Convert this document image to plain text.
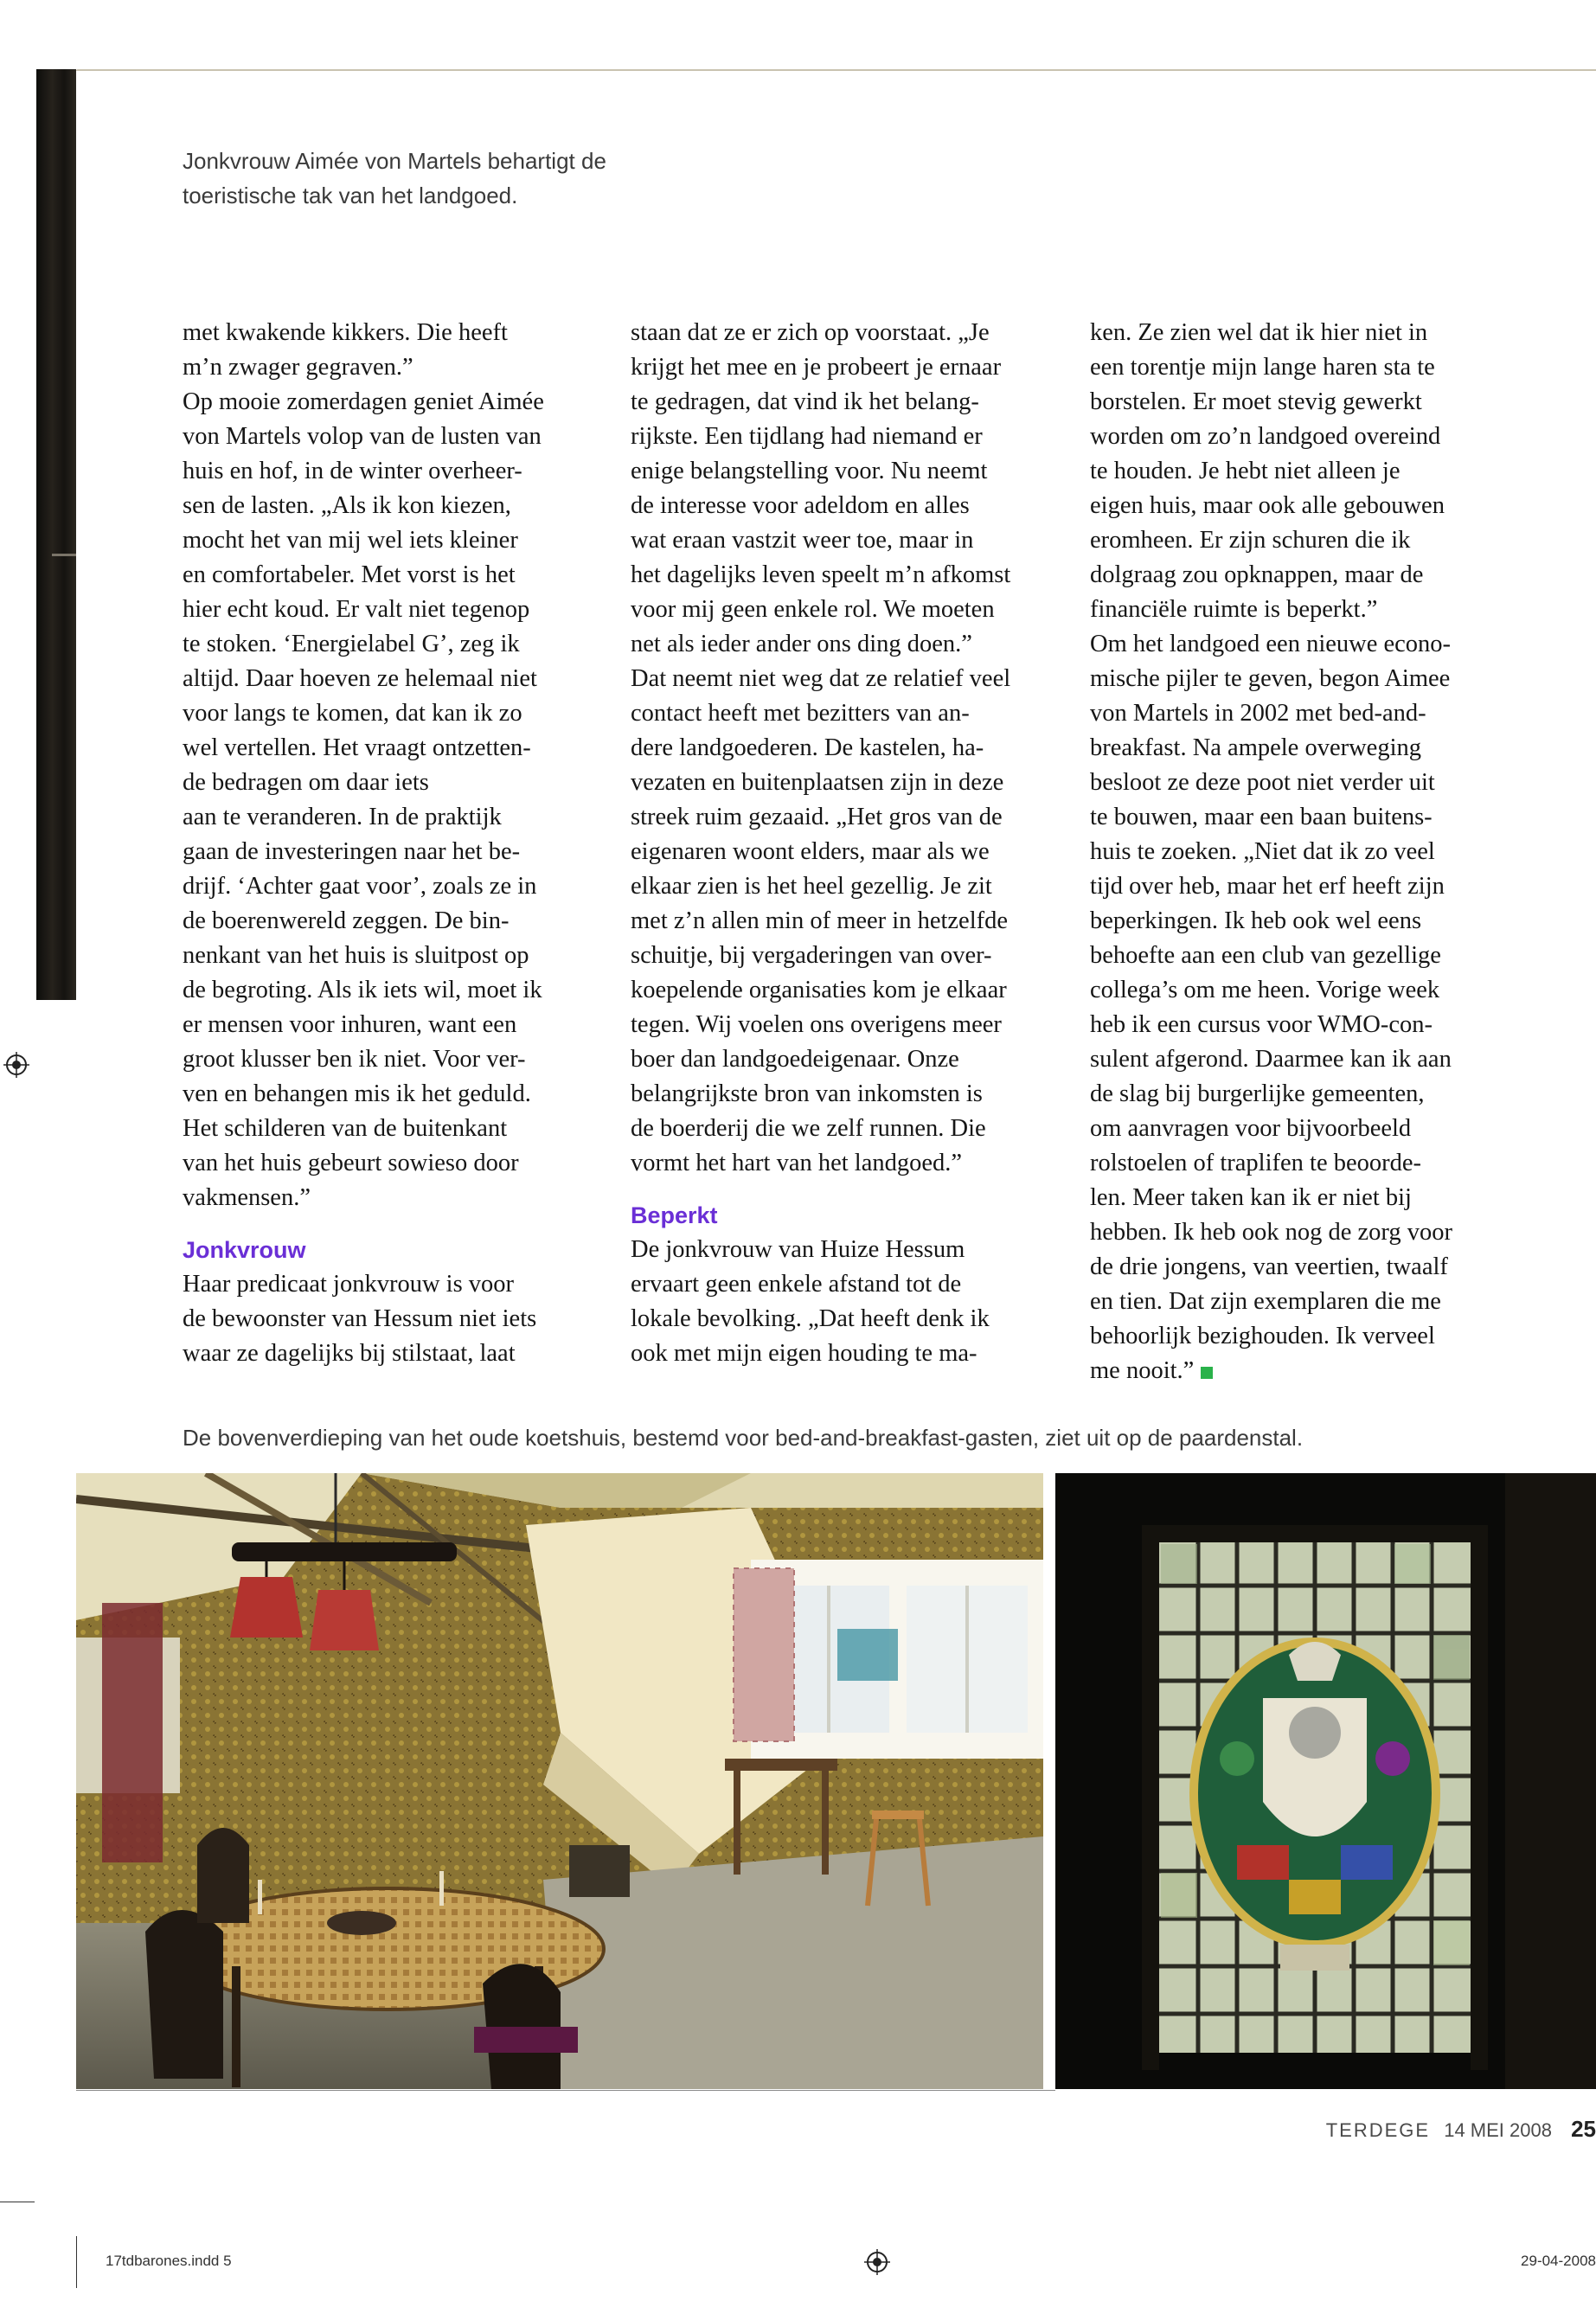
Jonkvrouw Aimée von Martels behartigt de toeristische tak van het landgoed.

met kwakende kikkers. Die heeft
m’n zwager gegraven.”
Op mooie zomerdagen geniet Aimée
von Martels volop van de lusten van
huis en hof, in de winter overheer-
sen de lasten. „Als ik kon kiezen,
mocht het van mij wel iets kleiner
en comfortabeler. Met vorst is het
hier echt koud. Er valt niet tegenop
te stoken. ‘Energielabel G’, zeg ik
altijd. Daar hoeven ze helemaal niet
voor langs te komen, dat kan ik zo
wel vertellen. Het vraagt ontzetten-
de bedragen om daar iets
aan te veranderen. In de praktijk
gaan de investeringen naar het be-
drijf. ‘Achter gaat voor’, zoals ze in
de boerenwereld zeggen. De bin-
nenkant van het huis is sluitpost op
de begroting. Als ik iets wil, moet ik
er mensen voor inhuren, want een
groot klusser ben ik niet. Voor ver-
ven en behangen mis ik het geduld.
Het schilderen van de buitenkant
van het huis gebeurt sowieso door
vakmensen.”

Jonkvrouw

Haar predicaat jonkvrouw is voor
de bewoonster van Hessum niet iets
waar ze dagelijks bij stilstaat, laat

staan dat ze er zich op voorstaat. „Je
krijgt het mee en je probeert je ernaar
te gedragen, dat vind ik het belang-
rijkste. Een tijdlang had niemand er
enige belangstelling voor. Nu neemt
de interesse voor adeldom en alles
wat eraan vastzit weer toe, maar in
het dagelijks leven speelt m’n afkomst
voor mij geen enkele rol. We moeten
net als ieder ander ons ding doen.”
Dat neemt niet weg dat ze relatief veel
contact heeft met bezitters van an-
dere landgoederen. De kastelen, ha-
vezaten en buitenplaatsen zijn in deze
streek ruim gezaaid. „Het gros van de
eigenaren woont elders, maar als we
elkaar zien is het heel gezellig. Je zit
met z’n allen min of meer in hetzelfde
schuitje, bij vergaderingen van over-
koepelende organisaties kom je elkaar
tegen. Wij voelen ons overigens meer
boer dan landgoedeigenaar. Onze
belangrijkste bron van inkomsten is
de boerderij die we zelf runnen. Die
vormt het hart van het landgoed.”

Beperkt

De jonkvrouw van Huize Hessum
ervaart geen enkele afstand tot de
lokale bevolking. „Dat heeft denk ik
ook met mijn eigen houding te ma-

ken. Ze zien wel dat ik hier niet in
een torentje mijn lange haren sta te
borstelen. Er moet stevig gewerkt
worden om zo’n landgoed overeind
te houden. Je hebt niet alleen je
eigen huis, maar ook alle gebouwen
eromheen. Er zijn schuren die ik
dolgraag zou opknappen, maar de
financiële ruimte is beperkt.”
Om het landgoed een nieuwe econo-
mische pijler te geven, begon Aimee
von Martels in 2002 met bed-and-
breakfast. Na ampele overweging
besloot ze deze poot niet verder uit
te bouwen, maar een baan buitens-
huis te zoeken. „Niet dat ik zo veel
tijd over heb, maar het erf heeft zijn
beperkingen. Ik heb ook wel eens
behoefte aan een club van gezellige
collega’s om me heen. Vorige week
heb ik een cursus voor WMO-con-
sulent afgerond. Daarmee kan ik aan
de slag bij burgerlijke gemeenten,
om aanvragen voor bijvoorbeeld
rolstoelen of traplifen te beoorde-
len. Meer taken kan ik er niet bij
hebben. Ik heb ook nog de zorg voor
de drie jongens, van veertien, twaalf
en tien. Dat zijn exemplaren die me
behoorlijk bezighouden. Ik verveel
me nooit.”

De bovenverdieping van het oude koetshuis, bestemd voor bed-and-breakfast-gasten, ziet uit op de paardenstal.
TERDEGE 14 MEI 2008 25
17tdbarones.indd 5	29-04-2008
